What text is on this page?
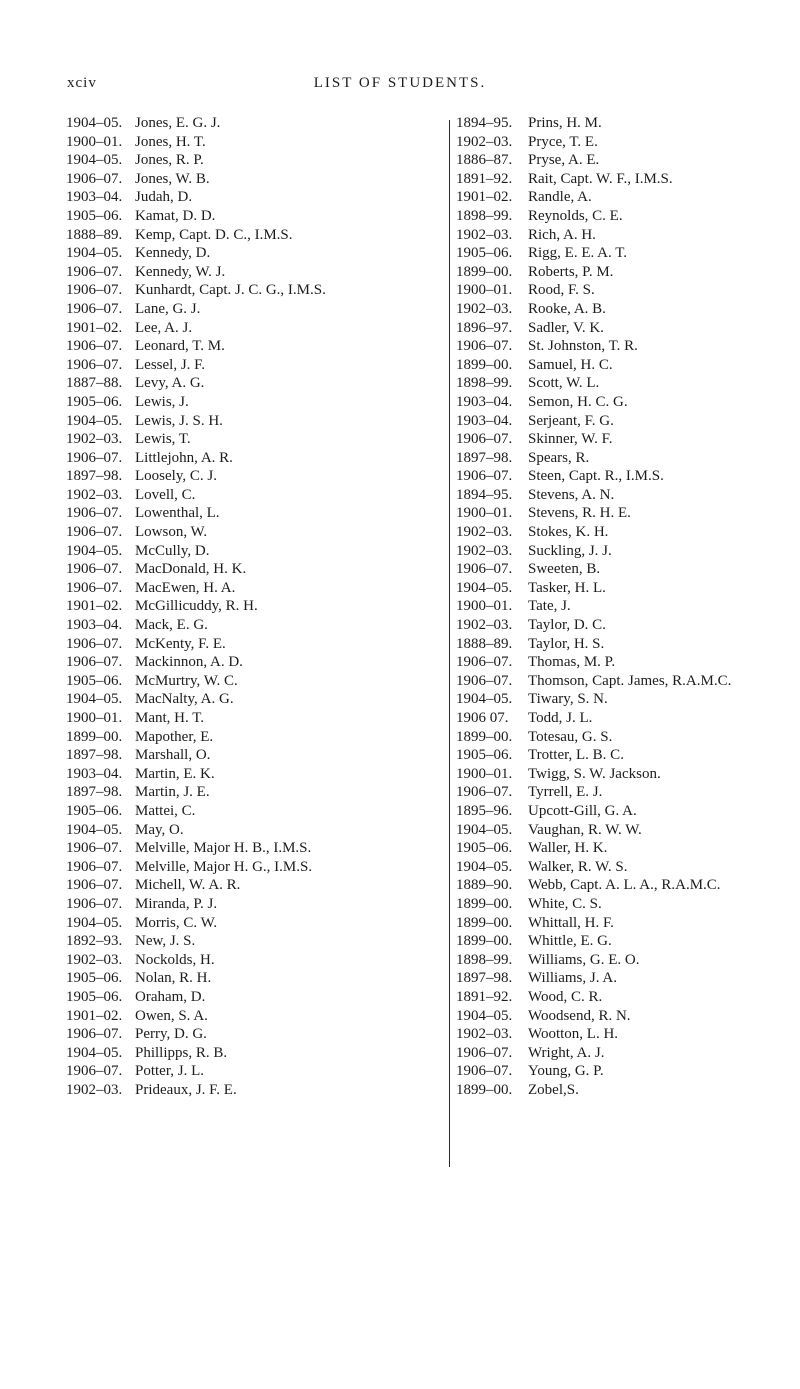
xciv	LIST OF STUDENTS.
1904–05. Jones, E. G. J.
1900–01. Jones, H. T.
1904–05. Jones, R. P.
1906–07. Jones, W. B.
1903–04. Judah, D.
1905–06. Kamat, D. D.
1888–89. Kemp, Capt. D. C., I.M.S.
1904–05. Kennedy, D.
1906–07. Kennedy, W. J.
1906–07. Kunhardt, Capt. J. C. G., I.M.S.
1906–07. Lane, G. J.
1901–02. Lee, A. J.
1906–07. Leonard, T. M.
1906–07. Lessel, J. F.
1887–88. Levy, A. G.
1905–06. Lewis, J.
1904–05. Lewis, J. S. H.
1902–03. Lewis, T.
1906–07. Littlejohn, A. R.
1897–98. Loosely, C. J.
1902–03. Lovell, C.
1906–07. Lowenthal, L.
1906–07. Lowson, W.
1904–05. McCully, D.
1906–07. MacDonald, H. K.
1906–07. MacEwen, H. A.
1901–02. McGillicuddy, R. H.
1903–04. Mack, E. G.
1906–07. McKenty, F. E.
1906–07. Mackinnon, A. D.
1905–06. McMurtry, W. C.
1904–05. MacNalty, A. G.
1900–01. Mant, H. T.
1899–00. Mapother, E.
1897–98. Marshall, O.
1903–04. Martin, E. K.
1897–98. Martin, J. E.
1905–06. Mattei, C.
1904–05. May, O.
1906–07. Melville, Major H. B., I.M.S.
1906–07. Melville, Major H. G., I.M.S.
1906–07. Michell, W. A. R.
1906–07. Miranda, P. J.
1904–05. Morris, C. W.
1892–93. New, J. S.
1902–03. Nockolds, H.
1905–06. Nolan, R. H.
1905–06. Oraham, D.
1901–02. Owen, S. A.
1906–07. Perry, D. G.
1904–05. Phillipps, R. B.
1906–07. Potter, J. L.
1902–03. Prideaux, J. F. E.
1894–95.	Prins, H. M.
1902–03.	Pryce, T. E.
1886–87.	Pryse, A. E.
1891–92.	Rait, Capt. W. F., I.M.S.
1901–02.	Randle, A.
1898–99.	Reynolds, C. E.
1902–03.	Rich, A. H.
1905–06.	Rigg, E. E. A. T.
1899–00.	Roberts, P. M.
1900–01.	Rood, F. S.
1902–03.	Rooke, A. B.
1896–97.	Sadler, V. K.
1906–07.	St. Johnston, T. R.
1899–00.	Samuel, H. C.
1898–99.	Scott, W. L.
1903–04.	Semon, H. C. G.
1903–04.	Serjeant, F. G.
1906–07.	Skinner, W. F.
1897–98.	Spears, R.
1906–07.	Steen, Capt. R., I.M.S.
1894–95.	Stevens, A. N.
1900–01.	Stevens, R. H. E.
1902–03.	Stokes, K. H.
1902–03.	Suckling, J. J.
1906–07.	Sweeten, B.
1904–05.	Tasker, H. L.
1900–01.	Tate, J.
1902–03.	Taylor, D. C.
1888–89.	Taylor, H. S.
1906–07.	Thomas, M. P.
1906–07.	Thomson, Capt. James, R.A.M.C.
1904–05.	Tiwary, S. N.
1906 07.	Todd, J. L.
1899–00.	Totesau, G. S.
1905–06.	Trotter, L. B. C.
1900–01.	Twigg, S. W. Jackson.
1906–07.	Tyrrell, E. J.
1895–96.	Upcott-Gill, G. A.
1904–05.	Vaughan, R. W. W.
1905–06.	Waller, H. K.
1904–05.	Walker, R. W. S.
1889–90.	Webb, Capt. A. L. A., R.A.M.C.
1899–00.	White, C. S.
1899–00.	Whittall, H. F.
1899–00.	Whittle, E. G.
1898–99.	Williams, G. E. O.
1897–98.	Williams, J. A.
1891–92.	Wood, C. R.
1904–05.	Woodsend, R. N.
1902–03.	Wootton, L. H.
1906–07.	Wright, A. J.
1906–07.	Young, G. P.
1899–00.	Zobel,S.
